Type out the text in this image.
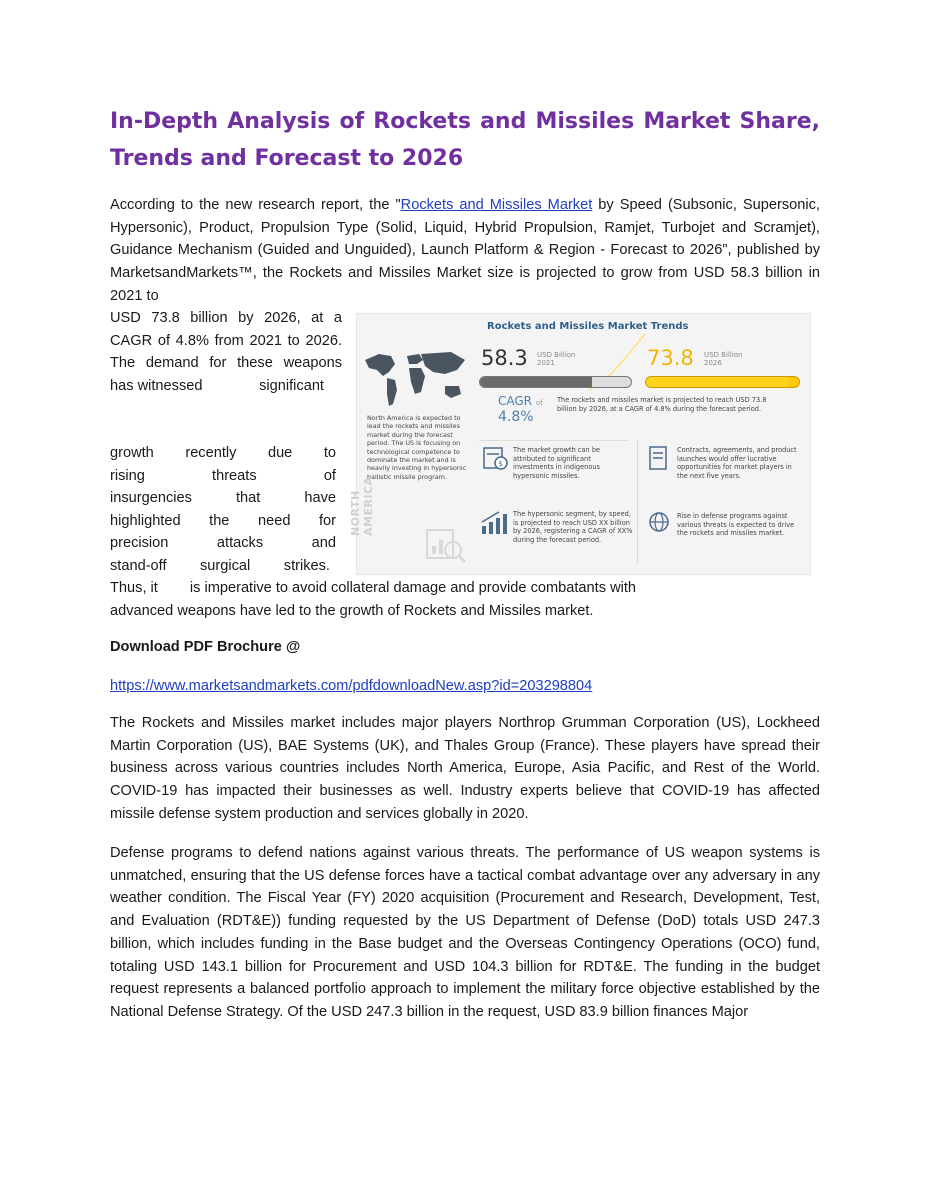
In-Depth Analysis of Rockets and Missiles Market Share, Trends and Forecast to 2026

According to the new research report, the "Rockets and Missiles Market by Speed (Subsonic, Supersonic, Hypersonic), Product, Propulsion Type (Solid, Liquid, Hybrid Propulsion, Ramjet, Turbojet and Scramjet), Guidance Mechanism (Guided and Unguided), Launch Platform & Region - Forecast to 2026", published by MarketsandMarkets™, the Rockets and Missiles Market size is projected to grow from USD 58.3 billion in 2021 to

USD 73.8 billion by 2026, at a CAGR of 4.8% from 2021 to 2026. The demand for these weapons
has witnessed	significant
growth recently due to
rising	threats	of
insurgencies	that	have
highlighted the need for
precision	attacks	and
stand-off surgical strikes.
Thus, it is imperative to avoid collateral damage and provide combatants with
advanced weapons have led to the growth of Rockets and Missiles market.
Download PDF Brochure @
https://www.marketsandmarkets.com/pdfdownloadNew.asp?id=203298804

The Rockets and Missiles market includes major players Northrop Grumman Corporation (US), Lockheed Martin Corporation (US), BAE Systems (UK), and Thales Group (France). These players have spread their business across various countries includes North America, Europe, Asia Pacific, and Rest of the World. COVID-19 has impacted their businesses as well. Industry experts believe that COVID-19 has affected missile defense system production and services globally in 2020.

Defense programs to defend nations against various threats. The performance of US weapon systems is unmatched, ensuring that the US defense forces have a tactical combat advantage over any adversary in any weather condition. The Fiscal Year (FY) 2020 acquisition (Procurement and Research, Development, Test, and Evaluation (RDT&E)) funding requested by the US Department of Defense (DoD) totals USD 247.3 billion, which includes funding in the Base budget and the Overseas Contingency Operations (OCO) fund, totaling USD 143.1 billion for Procurement and USD 104.3 billion for RDT&E. The funding in the budget request represents a balanced portfolio approach to implement the military force objective established by the National Defense Strategy. Of the USD 247.3 billion in the request, USD 83.9 billion finances Major

Rockets and Missiles Market Trends
North America is expected to lead the rockets and missiles market during the forecast period. The US is focusing on technological competence to dominate the market and is heavily investing in hypersonic ballistic missile program.
NORTH
AMERICA
58.3 USD Billion
2021	73.8 USD Billion
2026
CAGR of
4.8%
The rockets and missiles market is projected to reach USD 73.8 billion by 2026, at a CAGR of 4.8% during the forecast period.
$
The market growth can be attributed to significant investments in indigenous hypersonic missiles.
Contracts, agreements, and product launches would offer lucrative opportunities for market players in the next five years.
The hypersonic segment, by speed, is projected to reach USD XX billion by 2026, registering a CAGR of XX% during the forecast period.
Rise in defense programs against various threats is expected to drive the rockets and missiles market.
